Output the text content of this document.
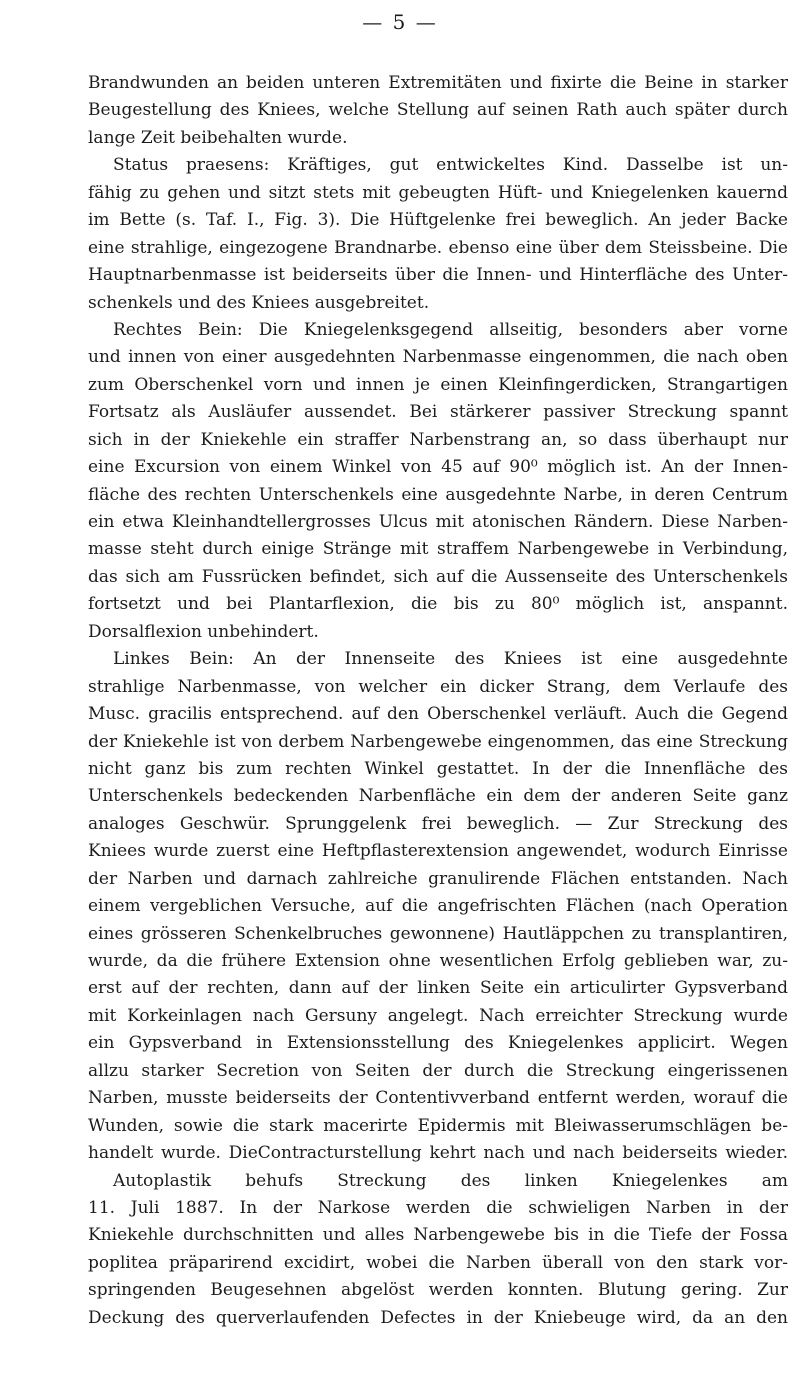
— 5 —
Brandwunden an beiden unteren Extremitäten und fixirte die Beine in starker
Beugestellung des Kniees, welche Stellung auf seinen Rath auch später durch
lange Zeit beibehalten wurde.
Status praesens: Kräftiges, gut entwickeltes Kind. Dasselbe ist un-
fähig zu gehen und sitzt stets mit gebeugten Hüft- und Kniegelenken kauernd
im Bette (s. Taf. I., Fig. 3). Die Hüftgelenke frei beweglich. An jeder Backe
eine strahlige, eingezogene Brandnarbe. ebenso eine über dem Steissbeine. Die
Hauptnarbenmasse ist beiderseits über die Innen- und Hinterfläche des Unter-
schenkels und des Kniees ausgebreitet.
Rechtes Bein: Die Kniegelenksgegend allseitig, besonders aber vorne
und innen von einer ausgedehnten Narbenmasse eingenommen, die nach oben
zum Oberschenkel vorn und innen je einen Kleinfingerdicken, Strangartigen
Fortsatz als Ausläufer aussendet. Bei stärkerer passiver Streckung spannt
sich in der Kniekehle ein straffer Narbenstrang an, so dass überhaupt nur
eine Excursion von einem Winkel von 45 auf 90⁰ möglich ist. An der Innen-
fläche des rechten Unterschenkels eine ausgedehnte Narbe, in deren Centrum
ein etwa Kleinhandtellergrosses Ulcus mit atonischen Rändern. Diese Narben-
masse steht durch einige Stränge mit straffem Narbengewebe in Verbindung,
das sich am Fussrücken befindet, sich auf die Aussenseite des Unterschenkels
fortsetzt und bei Plantarflexion, die bis zu 80⁰ möglich ist, anspannt.
Dorsalflexion unbehindert.
Linkes Bein: An der Innenseite des Kniees ist eine ausgedehnte
strahlige Narbenmasse, von welcher ein dicker Strang, dem Verlaufe des
Musc. gracilis entsprechend. auf den Oberschenkel verläuft. Auch die Gegend
der Kniekehle ist von derbem Narbengewebe eingenommen, das eine Streckung
nicht ganz bis zum rechten Winkel gestattet. In der die Innenfläche des
Unterschenkels bedeckenden Narbenfläche ein dem der anderen Seite ganz
analoges Geschwür. Sprunggelenk frei beweglich. — Zur Streckung des
Kniees wurde zuerst eine Heftpflasterextension angewendet, wodurch Einrisse
der Narben und darnach zahlreiche granulirende Flächen entstanden. Nach
einem vergeblichen Versuche, auf die angefrischten Flächen (nach Operation
eines grösseren Schenkelbruches gewonnene) Hautläppchen zu transplantiren,
wurde, da die frühere Extension ohne wesentlichen Erfolg geblieben war, zu-
erst auf der rechten, dann auf der linken Seite ein articulirter Gypsverband
mit Korkeinlagen nach Gersuny angelegt. Nach erreichter Streckung wurde
ein Gypsverband in Extensionsstellung des Kniegelenkes applicirt. Wegen
allzu starker Secretion von Seiten der durch die Streckung eingerissenen
Narben, musste beiderseits der Contentivverband entfernt werden, worauf die
Wunden, sowie die stark macerirte Epidermis mit Bleiwasserumschlägen be-
handelt wurde. DieContracturstellung kehrt nach und nach beiderseits wieder.
Autoplastik behufs Streckung des linken Kniegelenkes am
11. Juli 1887. In der Narkose werden die schwieligen Narben in der
Kniekehle durchschnitten und alles Narbengewebe bis in die Tiefe der Fossa
poplitea präparirend excidirt, wobei die Narben überall von den stark vor-
springenden Beugesehnen abgelöst werden konnten. Blutung gering. Zur
Deckung des querverlaufenden Defectes in der Kniebeuge wird, da an den
